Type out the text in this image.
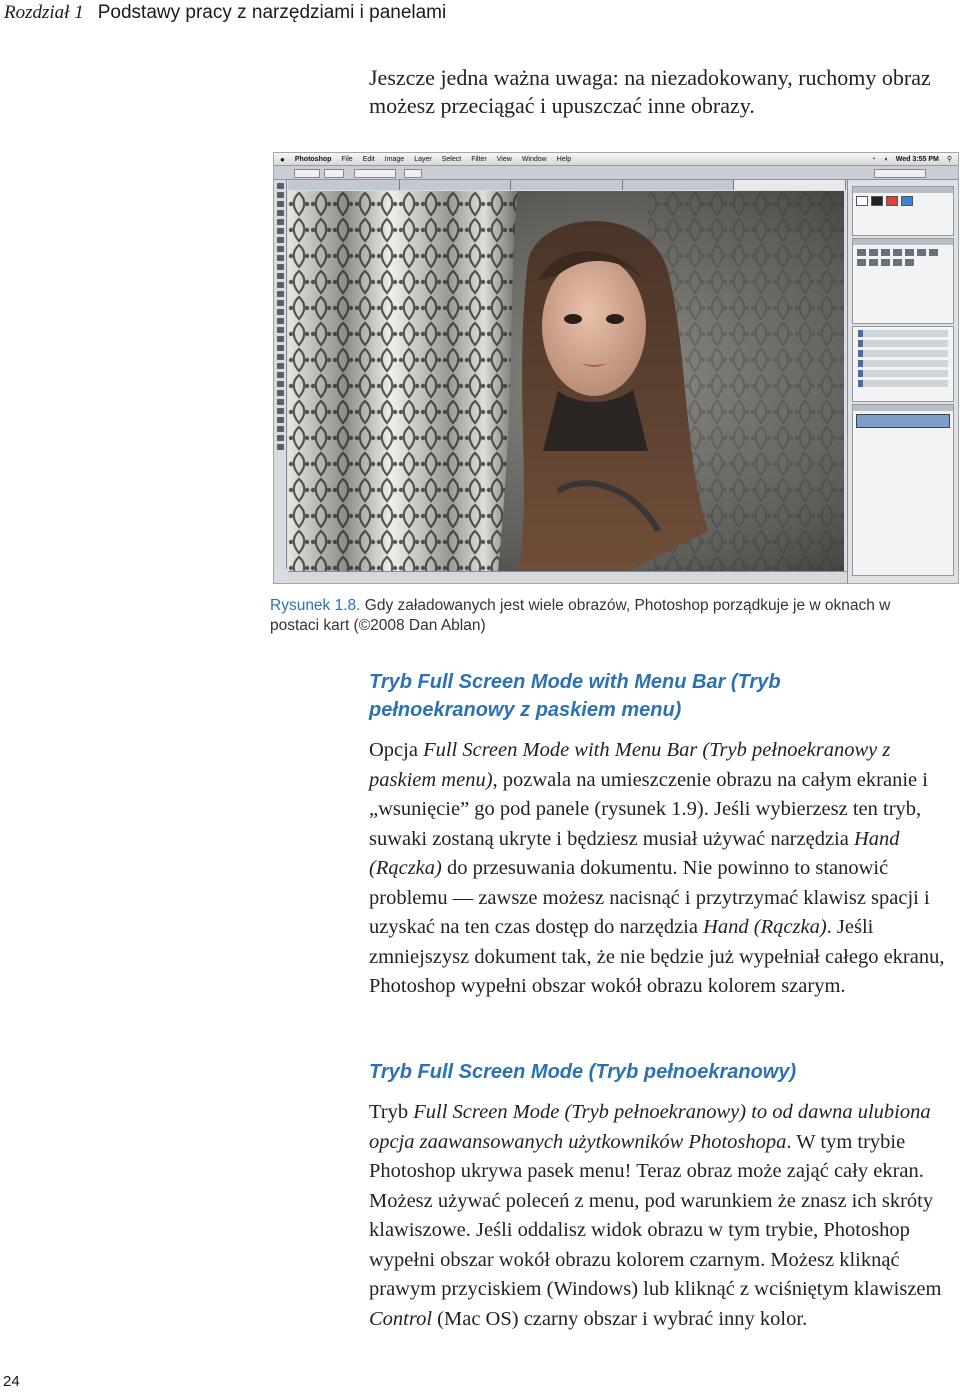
Rozdział 1 Podstawy pracy z narzędziami i panelami

Jeszcze jedna ważna uwaga: na niezadokowany, ruchomy obraz możesz przeciągać i upuszczać inne obrazy.

● Photoshop File Edit Image Layer Select Filter View Window Help	◔ ◖ Wed 3:55 PM ⚲
Rysunek 1.8. Gdy załadowanych jest wiele obrazów, Photoshop porządkuje je w oknach w postaci kart (©2008 Dan Ablan)
Tryb Full Screen Mode with Menu Bar (Tryb pełnoekranowy z paskiem menu)

Opcja Full Screen Mode with Menu Bar (Tryb pełnoekranowy z paskiem menu), pozwala na umieszczenie obrazu na całym ekranie i „wsunięcie” go pod panele (rysunek 1.9). Jeśli wybierzesz ten tryb, suwaki zostaną ukryte i będziesz musiał używać narzędzia Hand (Rączka) do przesuwania dokumentu. Nie powinno to stanowić problemu — zawsze możesz nacisnąć i przytrzymać klawisz spacji i uzyskać na ten czas dostęp do narzędzia Hand (Rączka). Jeśli zmniejszysz dokument tak, że nie będzie już wypełniał całego ekranu, Photoshop wypełni obszar wokół obrazu kolorem szarym.

Tryb Full Screen Mode (Tryb pełnoekranowy)

Tryb Full Screen Mode (Tryb pełnoekranowy) to od dawna ulubiona opcja zaawansowanych użytkowników Photoshopa. W tym trybie Photoshop ukrywa pasek menu! Teraz obraz może zająć cały ekran. Możesz używać poleceń z menu, pod warunkiem że znasz ich skróty klawiszowe. Jeśli oddalisz widok obrazu w tym trybie, Photoshop wypełni obszar wokół obrazu kolorem czarnym. Możesz kliknąć prawym przyciskiem (Windows) lub kliknąć z wciśniętym klawiszem Control (Mac OS) czarny obszar i wybrać inny kolor.

24
